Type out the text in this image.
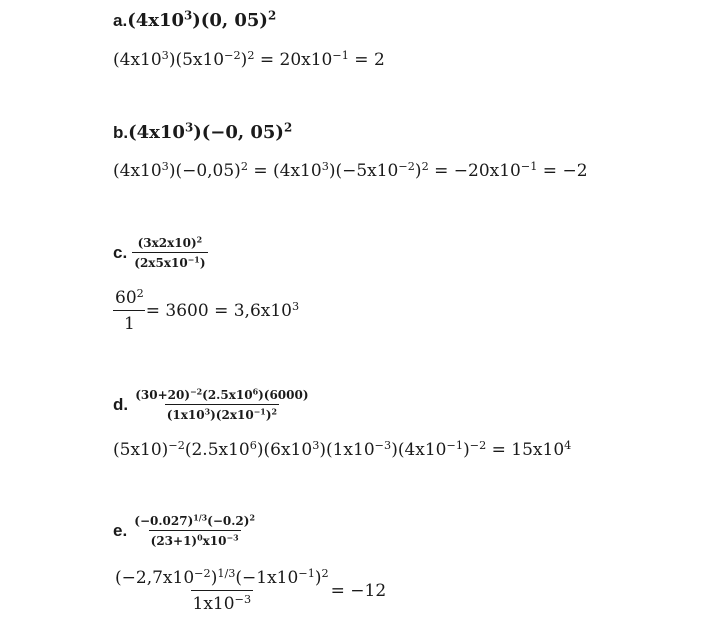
$a.(4x10^3)(0$, 05)$^2$
$(4x10^3)(5x10^{-2})^2 = 20x10^{-1} = 2$
$b.(4x10^3)(-0$, 05)$^2$
$(4x10^3)(-0,05)^2 = (4x10^3)(-5x10^{-2})^2 = -20x10^{-1} = -2$
c. $\frac{(3x2x10)^2}{(2x5x10^{-1})}$
$\frac{60^2}{1} = 3600 = 3,6x10^3$
d. $\frac{(30+20)^{-2}(2.5x10^6)(6000)}{(1x10^3)(2x10^{-1})^2}$
$(5x10)^{-2}(2.5x10^6)(6x10^3)(1x10^{-3})(4x10^{-1})^{-2} = 15x10^4$
e. $\frac{(-0.027)^{1/3}(-0.2)^2}{(23+1)^0x10^{-3}}$
$\frac{(-2,7x10^{-2})^{1/3}(-1x10^{-1})^2}{1x10^{-3}} = -12$
